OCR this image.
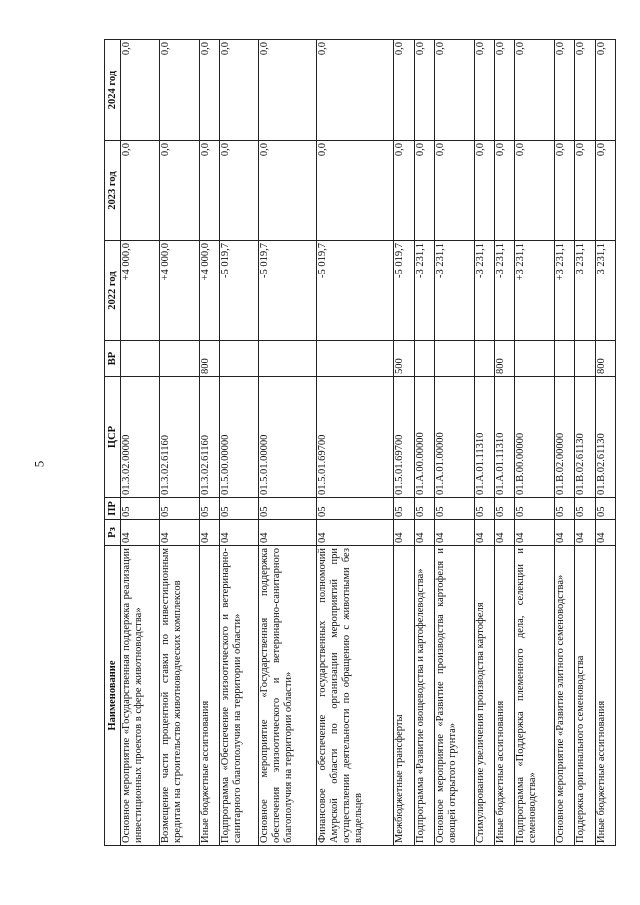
5
Наименование	Рз	ПР	ЦСР	ВР	2022 год	2023 год	2024 год
Основное мероприятие «Государственная поддержка реализации инвестиционных проектов в сфере животноводства»	04	05	01.3.02.00000		+4 000,0	0,0	0,0
Возмещение части процентной ставки по инвестиционным кредитам на строительство животноводческих комплексов	04	05	01.3.02.61160		+4 000,0	0,0	0,0
Иные бюджетные ассигнования	04	05	01.3.02.61160	800	+4 000,0	0,0	0,0
Подпрограмма «Обеспечение эпизоотического и ветеринарно-санитарного благополучия на территории области»	04	05	01.5.00.00000		-5 019,7	0,0	0,0
Основное мероприятие «Государственная поддержка обеспечения эпизоотического и ветеринарно-санитарного благополучия на территории области»	04	05	01.5.01.00000		-5 019,7	0,0	0,0
Финансовое обеспечение государственных полномочий Амурской области по организации мероприятий при осуществлении деятельности по обращению с животными без владельцев	04	05	01.5.01.69700		-5 019,7	0,0	0,0
Межбюджетные трансферты	04	05	01.5.01.69700	500	-5 019,7	0,0	0,0
Подпрограмма «Развитие овощеводства и картофелеводства»	04	05	01.А.00.00000		-3 231,1	0,0	0,0
Основное мероприятие «Развитие производства картофеля и овощей открытого грунта»	04	05	01.А.01.00000		-3 231,1	0,0	0,0
Стимулирование увеличения производства картофеля	04	05	01.А.01.11310		-3 231,1	0,0	0,0
Иные бюджетные ассигнования	04	05	01.А.01.11310	800	-3 231,1	0,0	0,0
Подпрограмма «Поддержка племенного дела, селекции и семеноводства»	04	05	01.В.00.00000		+3 231,1	0,0	0,0
Основное мероприятие «Развитие элитного семеноводства»	04	05	01.В.02.00000		+3 231,1	0,0	0,0
Поддержка оригинального семеноводства	04	05	01.В.02.61130		3 231,1	0,0	0,0
Иные бюджетные ассигнования	04	05	01.В.02.61130	800	3 231,1	0,0	0,0
